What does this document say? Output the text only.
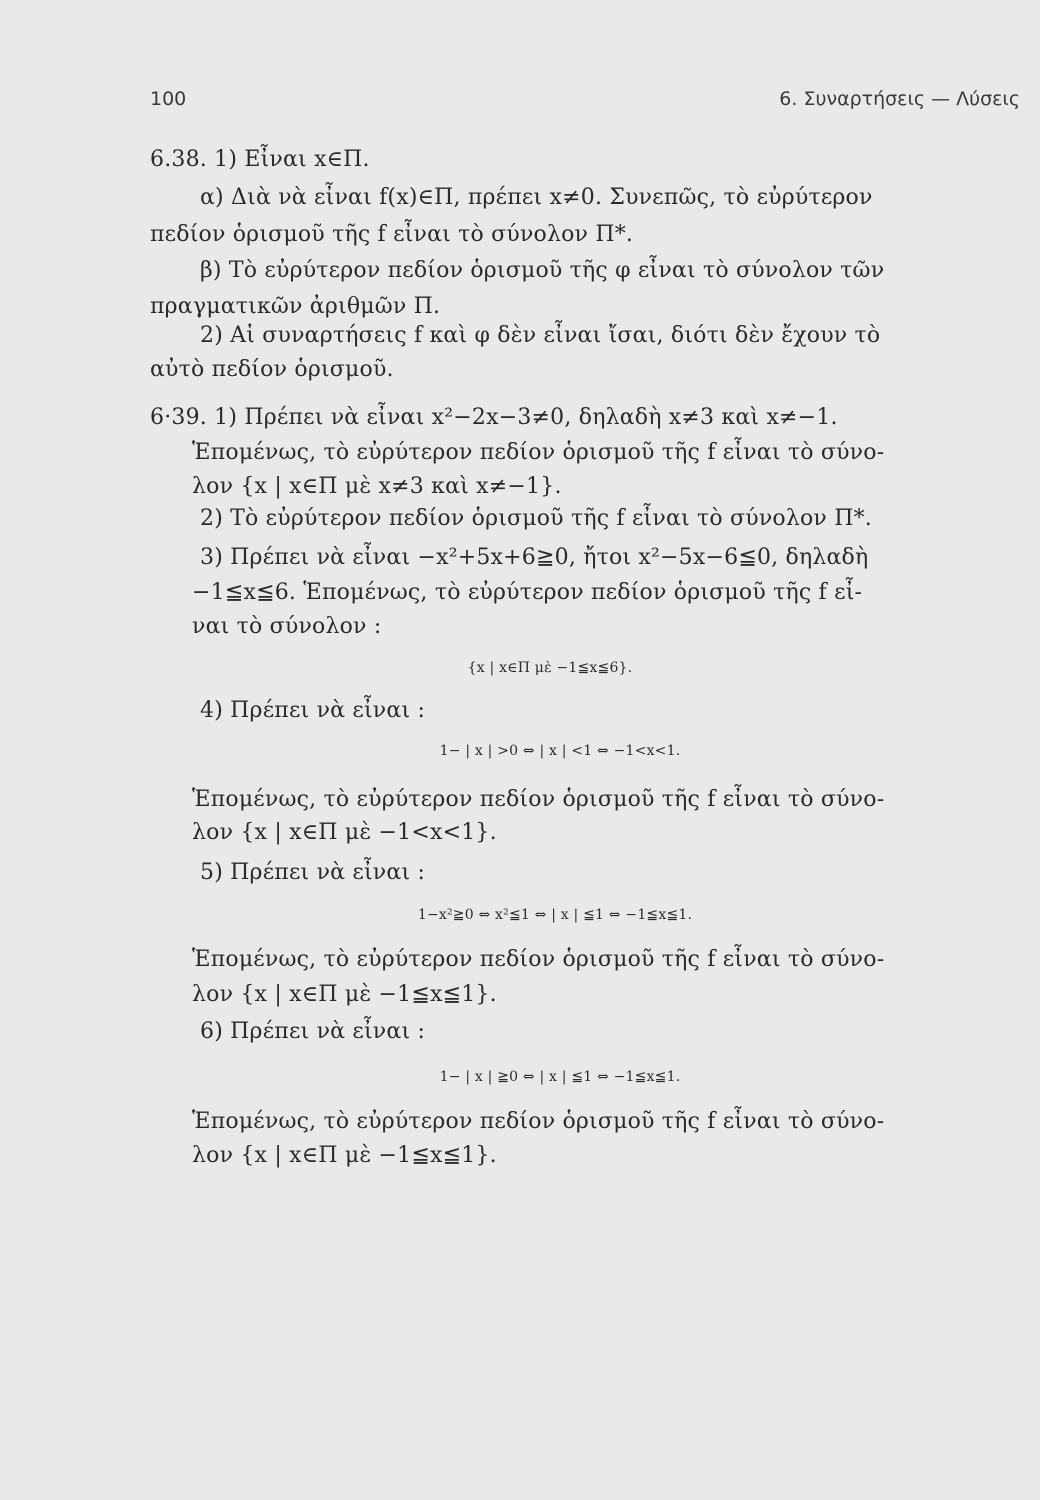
100	6. Συναρτήσεις — Λύσεις
6.38. 1) Εἶναι x∈Π.
α) Διὰ νὰ εἶναι f(x)∈Π, πρέπει x≠0. Συνεπῶς, τὸ εὐρύτερον
πεδίον ὁρισμοῦ τῆς f εἶναι τὸ σύνολον Π*.
β) Τὸ εὐρύτερον πεδίον ὁρισμοῦ τῆς φ εἶναι τὸ σύνολον τῶν
πραγματικῶν ἀριθμῶν Π.
2) Αἱ συναρτήσεις f καὶ φ δὲν εἶναι ἴσαι, διότι δὲν ἔχουν τὸ
αὐτὸ πεδίον ὁρισμοῦ.
6·39. 1) Πρέπει νὰ εἶναι x²−2x−3≠0, δηλαδὴ x≠3 καὶ x≠−1.
Ἑπομένως, τὸ εὐρύτερον πεδίον ὁρισμοῦ τῆς f εἶναι τὸ σύνο-
λον {x | x∈Π μὲ x≠3 καὶ x≠−1}.
2) Τὸ εὐρύτερον πεδίον ὁρισμοῦ τῆς f εἶναι τὸ σύνολον Π*.
3) Πρέπει νὰ εἶναι −x²+5x+6≧0, ἤτοι x²−5x−6≦0, δηλαδὴ
−1≦x≦6. Ἑπομένως, τὸ εὐρύτερον πεδίον ὁρισμοῦ τῆς f εἶ-
ναι τὸ σύνολον :
{x | x∈Π μὲ −1≦x≦6}.
4) Πρέπει νὰ εἶναι :
1− | x | >0 ⇔ | x | <1 ⇔ −1<x<1.
Ἑπομένως, τὸ εὐρύτερον πεδίον ὁρισμοῦ τῆς f εἶναι τὸ σύνο-
λον {x | x∈Π μὲ −1<x<1}.
5) Πρέπει νὰ εἶναι :
1−x²≧0 ⇔ x²≦1 ⇔ | x | ≦1 ⇔ −1≦x≦1.
Ἑπομένως, τὸ εὐρύτερον πεδίον ὁρισμοῦ τῆς f εἶναι τὸ σύνο-
λον {x | x∈Π μὲ −1≦x≦1}.
6) Πρέπει νὰ εἶναι :
1− | x | ≧0 ⇔ | x | ≦1 ⇔ −1≦x≦1.
Ἑπομένως, τὸ εὐρύτερον πεδίον ὁρισμοῦ τῆς f εἶναι τὸ σύνο-
λον {x | x∈Π μὲ −1≦x≦1}.
